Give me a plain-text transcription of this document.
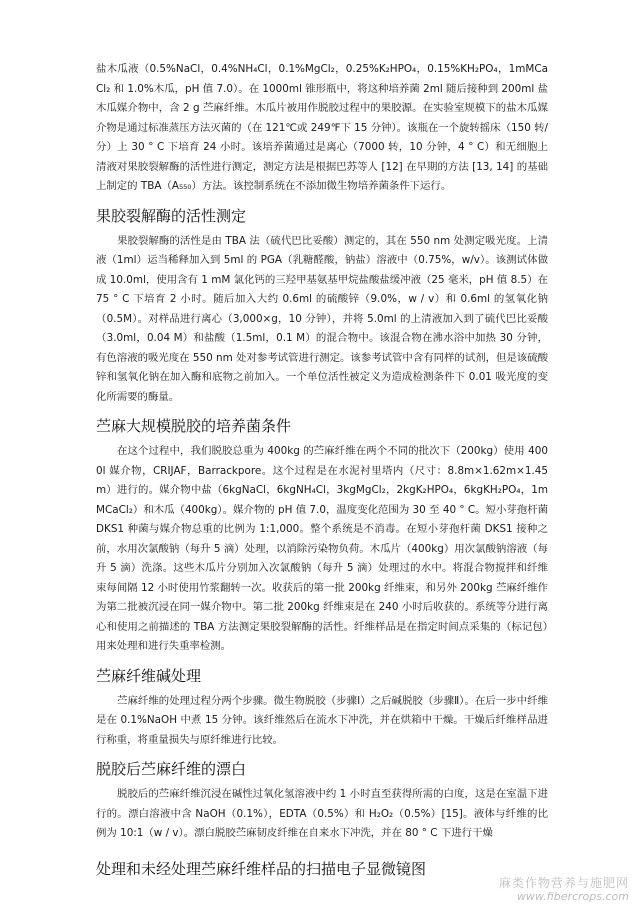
盐木瓜液（0.5%NaCl，0.4%NH₄Cl，0.1%MgCl₂，0.25%K₂HPO₄，0.15%KH₂PO₄，1mMCaCl₂ 和 1.0%木瓜，pH 值 7.0）。在 1000ml 锥形瓶中，将这种培养菌 2ml 随后接种到 200ml 盐木瓜媒介物中，含 2 g 苎麻纤维。木瓜片被用作脱胶过程中的果胶源。在实验室规模下的盐木瓜媒介物是通过标准蒸压方法灭菌的（在 121℃或 249℉下 15 分钟）。该瓶在一个旋转摇床（150 转/分）上 30 ° C 下培育 24 小时。该培养菌通过是离心（7000 转，10 分钟，4 ° C）和无细胞上清液对果胶裂解酶的活性进行测定，测定方法是根据巴苏等人 [12] 在早期的方法 [13, 14] 的基础上制定的 TBA（A₅₅₀）方法。该控制系统在不添加微生物培养菌条件下运行。

果胶裂解酶的活性测定

果胶裂解酶的活性是由 TBA 法（硫代巴比妥酸）测定的，其在 550 nm 处测定吸光度。上清液（1ml）运当稀释加入到 5ml 的 PGA（乳糖醛酸，钠盐）溶液中（0.75%，w/v）。该测试体做成 10.0ml，使用含有 1 mM 氯化钙的三羟甲基氨基甲烷盐酸盐缓冲液（25 毫米，pH 值 8.5）在 75 ° C 下培育 2 小时。随后加入大约 0.6ml 的硫酸锌（9.0%，w / v）和 0.6ml 的氢氧化钠（0.5M）。对样品进行离心（3,000×g，10 分钟），并将 5.0ml 的上清液加入到了硫代巴比妥酸（3.0ml，0.04 M）和盐酸（1.5ml，0.1 M）的混合物中。该混合物在沸水浴中加热 30 分钟，有色溶液的吸光度在 550 nm 处对参考试管进行测定。该参考试管中含有同样的试剂，但是该硫酸锌和氢氧化钠在加入酶和底物之前加入。一个单位活性被定义为造成检测条件下 0.01 吸光度的变化所需要的酶量。

苎麻大规模脱胶的培养菌条件

在这个过程中，我们脱胶总重为 400kg 的苎麻纤维在两个不同的批次下（200kg）使用 4000l 媒介物，CRIJAF，Barrackpore。这个过程是在水泥衬里塔内（尺寸：8.8m×1.62m×1.45m）进行的。媒介物中盐（6kgNaCl，6kgNH₄Cl，3kgMgCl₂，2kgK₂HPO₄，6kgKH₂PO₄，1mMCaCl₂）和木瓜（400kg）。媒介物的 pH 值 7.0，温度变化范围为 30 至 40 ° C。短小芽孢杆菌 DKS1 种菌与媒介物总重的比例为 1:1,000。整个系统是不消毒。在短小芽孢杆菌 DKS1 接种之前，水用次氯酸钠（每升 5 滴）处理，以消除污染物负荷。木瓜片（400kg）用次氯酸钠溶液（每升 5 滴）洗涤。这些木瓜片分别加入次氯酸钠（每升 5 滴）处理过的水中。将混合物搅拌和纤维束每间隔 12 小时使用竹浆翻转一次。收获后的第一批 200kg 纤维束，和另外 200kg 苎麻纤维作为第二批被沉浸在同一媒介物中。第二批 200kg 纤维束是在 240 小时后收获的。系统等分进行离心和使用之前描述的 TBA 方法测定果胶裂解酶的活性。纤维样品是在指定时间点采集的（标记包）用来处理和进行失重率检测。

苎麻纤维碱处理

苎麻纤维的处理过程分两个步骤。微生物脱胶（步骤Ⅰ）之后碱脱胶（步骤Ⅱ）。在后一步中纤维是在 0.1%NaOH 中煮 15 分钟。该纤维然后在流水下冲洗，并在烘箱中干燥。干燥后纤维样品进行称重，将重量损失与原纤维进行比较。

脱胶后苎麻纤维的漂白

脱胶后的苎麻纤维沉浸在碱性过氧化氢溶液中约 1 小时直至获得所需的白度，这是在室温下进行的。漂白溶液中含 NaOH（0.1%），EDTA（0.5%）和 H₂O₂（0.5%）[15]。液体与纤维的比例为 10:1（w / v）。漂白脱胶苎麻韧皮纤维在自来水下冲洗，并在 80 ° C 下进行干燥

处理和未经处理苎麻纤维样品的扫描电子显微镜图
麻类作物营养与施肥网
www.fibercrops.com
